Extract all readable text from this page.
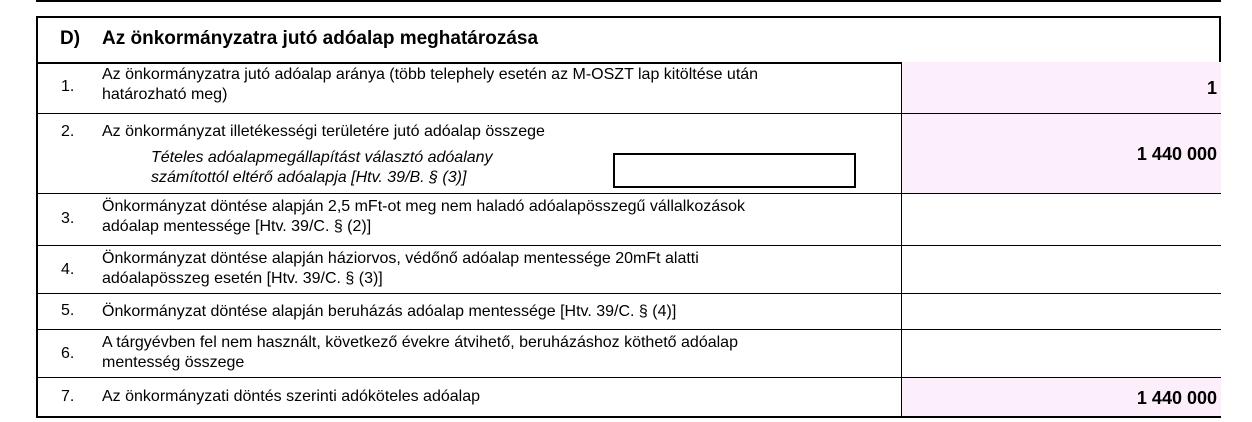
D) Az önkormányzatra jutó adóalap meghatározása
1.
Az önkormányzatra jutó adóalap aránya (több telephely esetén az M-OSZT lap kitöltése után
határozható meg)	1
2. Az önkormányzat illetékességi területére jutó adóalap összege
Tételes adóalapmegállapítást választó adóalany
számítottól eltérő adóalapja [Htv. 39/B. § (3)]
1 440 000
3.
Önkormányzat döntése alapján 2,5 mFt-ot meg nem haladó adóalapösszegű vállalkozások
adóalap mentessége [Htv. 39/C. § (2)]
4.
Önkormányzat döntése alapján háziorvos, védőnő adóalap mentessége 20mFt alatti
adóalapösszeg esetén [Htv. 39/C. § (3)]
5. Önkormányzat döntése alapján beruházás adóalap mentessége [Htv. 39/C. § (4)]
6.
A tárgyévben fel nem használt, következő évekre átvihető, beruházáshoz köthető adóalap
mentesség összege
7. Az önkormányzati döntés szerinti adóköteles adóalap	1 440 000
